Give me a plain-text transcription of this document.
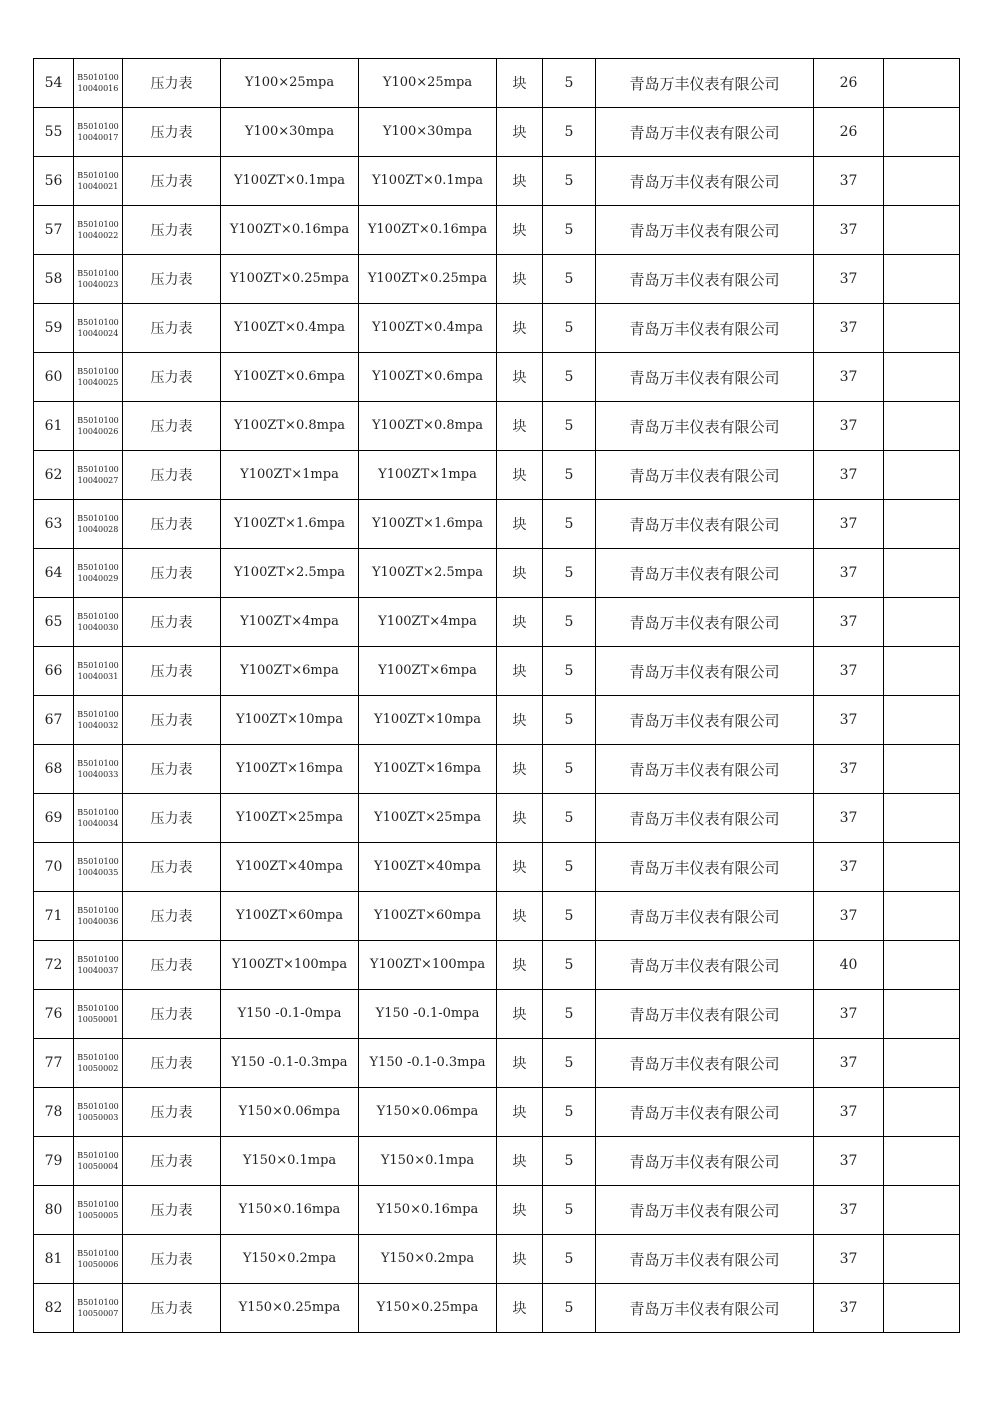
54	B501010010040016	压力表	Y100×25mpa	Y100×25mpa	块	5	青岛万丰仪表有限公司	26	
55	B501010010040017	压力表	Y100×30mpa	Y100×30mpa	块	5	青岛万丰仪表有限公司	26	
56	B501010010040021	压力表	Y100ZT×0.1mpa	Y100ZT×0.1mpa	块	5	青岛万丰仪表有限公司	37	
57	B501010010040022	压力表	Y100ZT×0.16mpa	Y100ZT×0.16mpa	块	5	青岛万丰仪表有限公司	37	
58	B501010010040023	压力表	Y100ZT×0.25mpa	Y100ZT×0.25mpa	块	5	青岛万丰仪表有限公司	37	
59	B501010010040024	压力表	Y100ZT×0.4mpa	Y100ZT×0.4mpa	块	5	青岛万丰仪表有限公司	37	
60	B501010010040025	压力表	Y100ZT×0.6mpa	Y100ZT×0.6mpa	块	5	青岛万丰仪表有限公司	37	
61	B501010010040026	压力表	Y100ZT×0.8mpa	Y100ZT×0.8mpa	块	5	青岛万丰仪表有限公司	37	
62	B501010010040027	压力表	Y100ZT×1mpa	Y100ZT×1mpa	块	5	青岛万丰仪表有限公司	37	
63	B501010010040028	压力表	Y100ZT×1.6mpa	Y100ZT×1.6mpa	块	5	青岛万丰仪表有限公司	37	
64	B501010010040029	压力表	Y100ZT×2.5mpa	Y100ZT×2.5mpa	块	5	青岛万丰仪表有限公司	37	
65	B501010010040030	压力表	Y100ZT×4mpa	Y100ZT×4mpa	块	5	青岛万丰仪表有限公司	37	
66	B501010010040031	压力表	Y100ZT×6mpa	Y100ZT×6mpa	块	5	青岛万丰仪表有限公司	37	
67	B501010010040032	压力表	Y100ZT×10mpa	Y100ZT×10mpa	块	5	青岛万丰仪表有限公司	37	
68	B501010010040033	压力表	Y100ZT×16mpa	Y100ZT×16mpa	块	5	青岛万丰仪表有限公司	37	
69	B501010010040034	压力表	Y100ZT×25mpa	Y100ZT×25mpa	块	5	青岛万丰仪表有限公司	37	
70	B501010010040035	压力表	Y100ZT×40mpa	Y100ZT×40mpa	块	5	青岛万丰仪表有限公司	37	
71	B501010010040036	压力表	Y100ZT×60mpa	Y100ZT×60mpa	块	5	青岛万丰仪表有限公司	37	
72	B501010010040037	压力表	Y100ZT×100mpa	Y100ZT×100mpa	块	5	青岛万丰仪表有限公司	40	
76	B501010010050001	压力表	Y150 -0.1-0mpa	Y150 -0.1-0mpa	块	5	青岛万丰仪表有限公司	37	
77	B501010010050002	压力表	Y150 -0.1-0.3mpa	Y150 -0.1-0.3mpa	块	5	青岛万丰仪表有限公司	37	
78	B501010010050003	压力表	Y150×0.06mpa	Y150×0.06mpa	块	5	青岛万丰仪表有限公司	37	
79	B501010010050004	压力表	Y150×0.1mpa	Y150×0.1mpa	块	5	青岛万丰仪表有限公司	37	
80	B501010010050005	压力表	Y150×0.16mpa	Y150×0.16mpa	块	5	青岛万丰仪表有限公司	37	
81	B501010010050006	压力表	Y150×0.2mpa	Y150×0.2mpa	块	5	青岛万丰仪表有限公司	37	
82	B501010010050007	压力表	Y150×0.25mpa	Y150×0.25mpa	块	5	青岛万丰仪表有限公司	37	
